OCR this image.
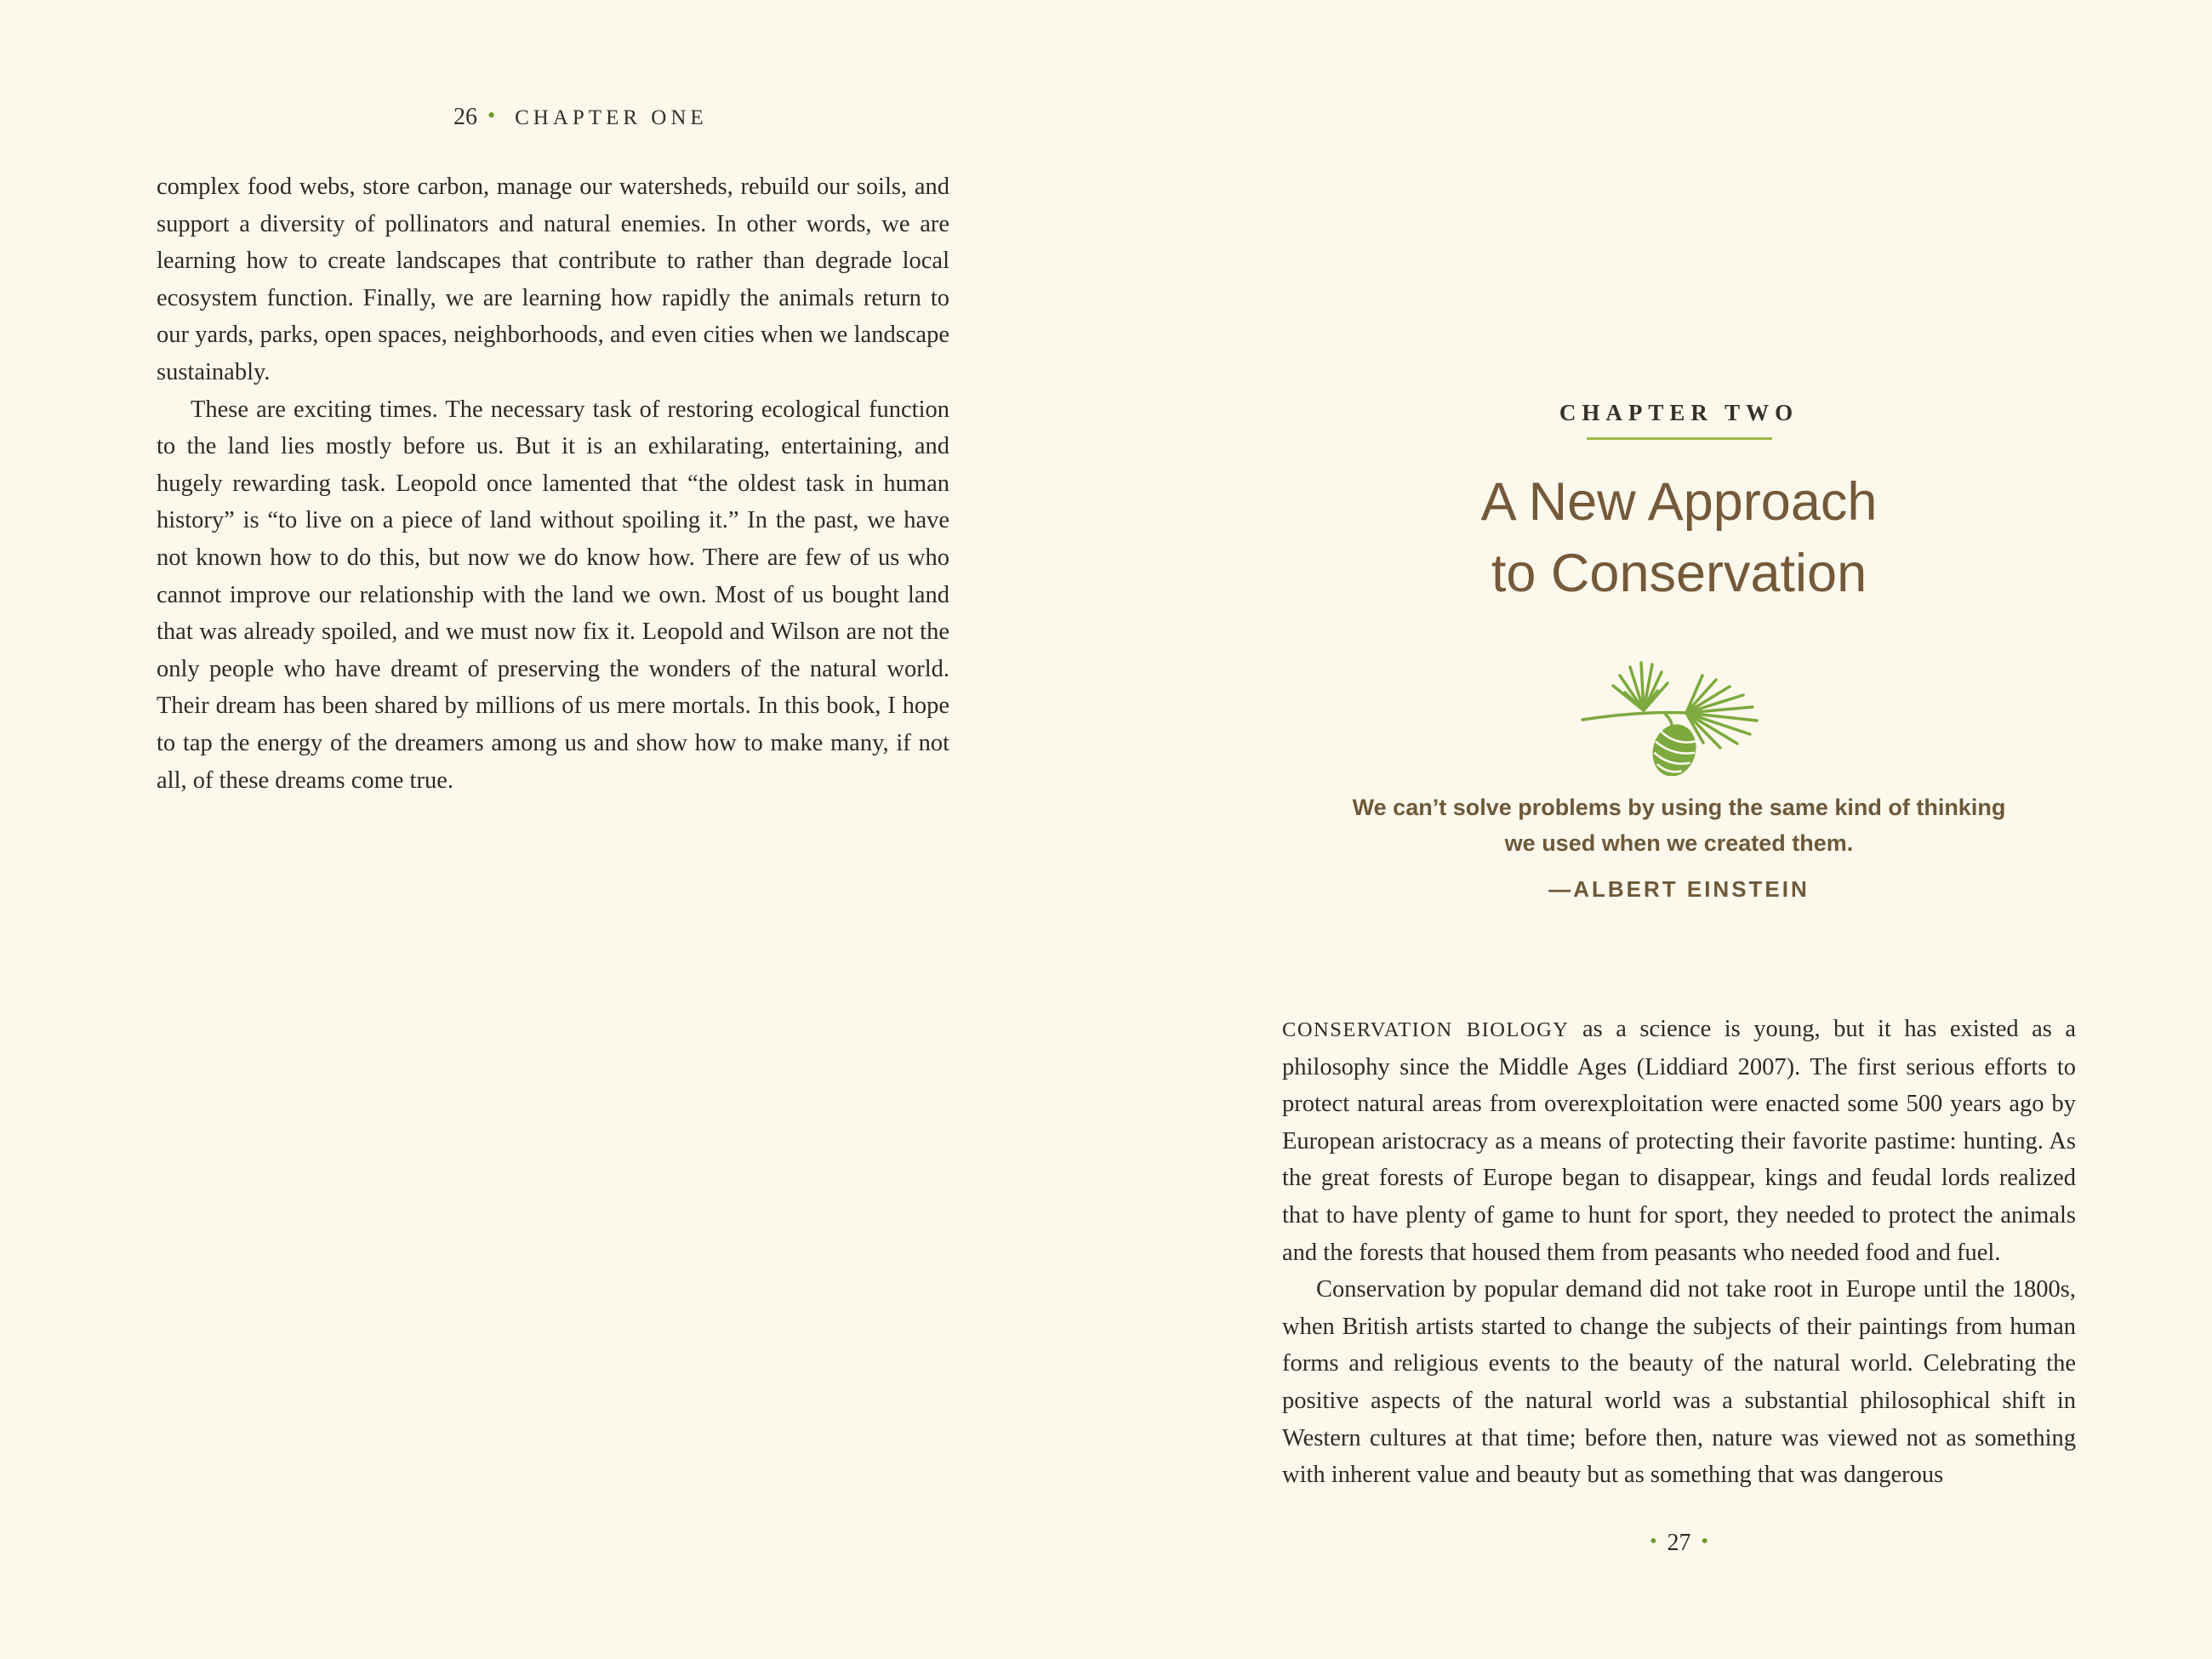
26 • CHAPTER ONE

complex food webs, store carbon, manage our watersheds, rebuild our soils, and support a diversity of pollinators and natural enemies. In other words, we are learning how to create landscapes that contribute to rather than degrade local ecosystem function. Finally, we are learning how rapidly the animals return to our yards, parks, open spaces, neighborhoods, and even cities when we landscape sustainably.

These are exciting times. The necessary task of restoring ecological function to the land lies mostly before us. But it is an exhilarating, entertaining, and hugely rewarding task. Leopold once lamented that “the oldest task in human history” is “to live on a piece of land without spoiling it.” In the past, we have not known how to do this, but now we do know how. There are few of us who cannot improve our relationship with the land we own. Most of us bought land that was already spoiled, and we must now fix it. Leopold and Wilson are not the only people who have dreamt of preserving the wonders of the natural world. Their dream has been shared by millions of us mere mortals. In this book, I hope to tap the energy of the dreamers among us and show how to make many, if not all, of these dreams come true.

CHAPTER TWO
A New Approach
to Conservation
We can’t solve problems by using the same kind of thinking
we used when we created them.
—ALBERT EINSTEIN

CONSERVATION BIOLOGY as a science is young, but it has existed as a philosophy since the Middle Ages (Liddiard 2007). The first serious efforts to protect natural areas from overexploitation were enacted some 500 years ago by European aristocracy as a means of protecting their favorite pastime: hunting. As the great forests of Europe began to disappear, kings and feudal lords realized that to have plenty of game to hunt for sport, they needed to protect the animals and the forests that housed them from peasants who needed food and fuel.

Conservation by popular demand did not take root in Europe until the 1800s, when British artists started to change the subjects of their paintings from human forms and religious events to the beauty of the natural world. Celebrating the positive aspects of the natural world was a substantial philosophical shift in Western cultures at that time; before then, nature was viewed not as something with inherent value and beauty but as something that was dangerous

• 27 •
